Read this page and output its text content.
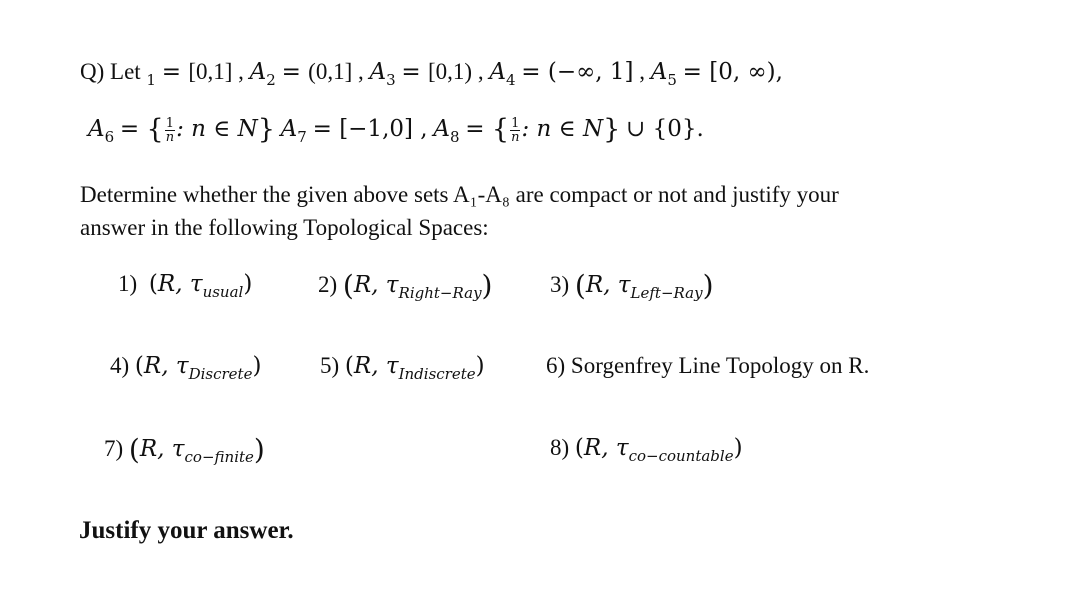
Q) Let $_1$ = [0,1] , $A_2 = (0,1]$ , $A_3 = [0,1)$ , $A_4$ = (−∞, 1] , $A_5 = [0$, ∞),
$A_6$ = { $\frac{1}{n}$ : n ∈ N} $A_7 = [-1,0]$ , $A_8$ = { $\frac{1}{n}$ : n ∈ N} ∪ {0}.
Determine whether the given above sets A₁-A₈ are compact or not and justify your
answer in the following Topological Spaces:
1) (R, $\tau_{usual}$)	2) (R, $\tau_{Right-Ray}$)	3) (R, $\tau_{Left-Ray}$)
4) (R, $\tau_{Discrete}$)	5) (R, $\tau_{Indiscrete}$)	6) Sorgenfrey Line Topology on R.
7) (R, $\tau_{co-finite}$)	8) (R, $\tau_{co-countable}$)
Justify your answer.
